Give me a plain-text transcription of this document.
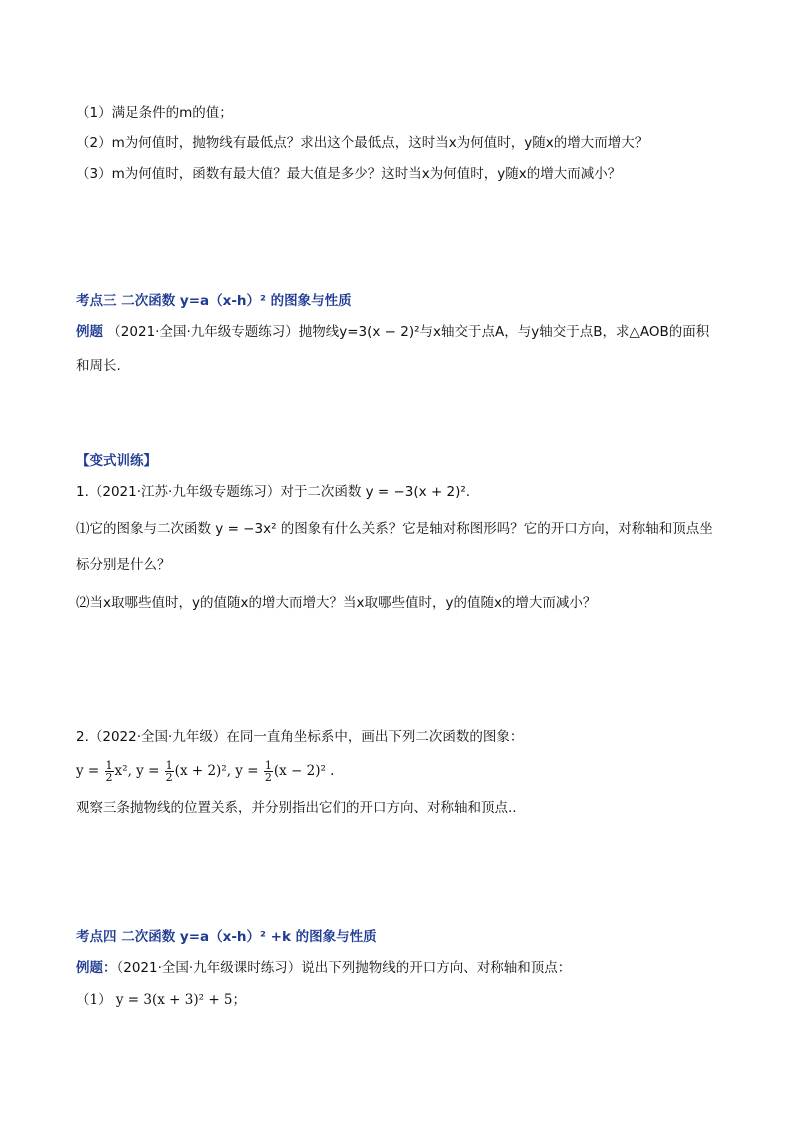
（1）满足条件的m的值；
（2）m为何值时，抛物线有最低点？求出这个最低点，这时当x为何值时，y随x的增大而增大？
（3）m为何值时，函数有最大值？最大值是多少？这时当x为何值时，y随x的增大而减小？
考点三 二次函数 y=a（x-h）² 的图象与性质
例题 （2021·全国·九年级专题练习）抛物线y=3(x − 2)²与x轴交于点A，与y轴交于点B，求△AOB的面积
和周长.
【变式训练】
1.（2021·江苏·九年级专题练习）对于二次函数 y = −3(x + 2)².
⑴它的图象与二次函数 y = −3x² 的图象有什么关系？它是轴对称图形吗？它的开口方向，对称轴和顶点坐
标分别是什么？
⑵当x取哪些值时，y的值随x的增大而增大？当x取哪些值时，y的值随x的增大而减小？
2.（2022·全国·九年级）在同一直角坐标系中，画出下列二次函数的图象：
$y = \frac{1}{2} x^2$, $y = \frac{1}{2} (x + 2)^2$, $y = \frac{1}{2} (x - 2)^2$ .
观察三条抛物线的位置关系，并分别指出它们的开口方向、对称轴和顶点..
考点四 二次函数 y=a（x-h）² +k 的图象与性质
例题：（2021·全国·九年级课时练习）说出下列抛物线的开口方向、对称轴和顶点：
（1） y = 3(x + 3)² + 5；
